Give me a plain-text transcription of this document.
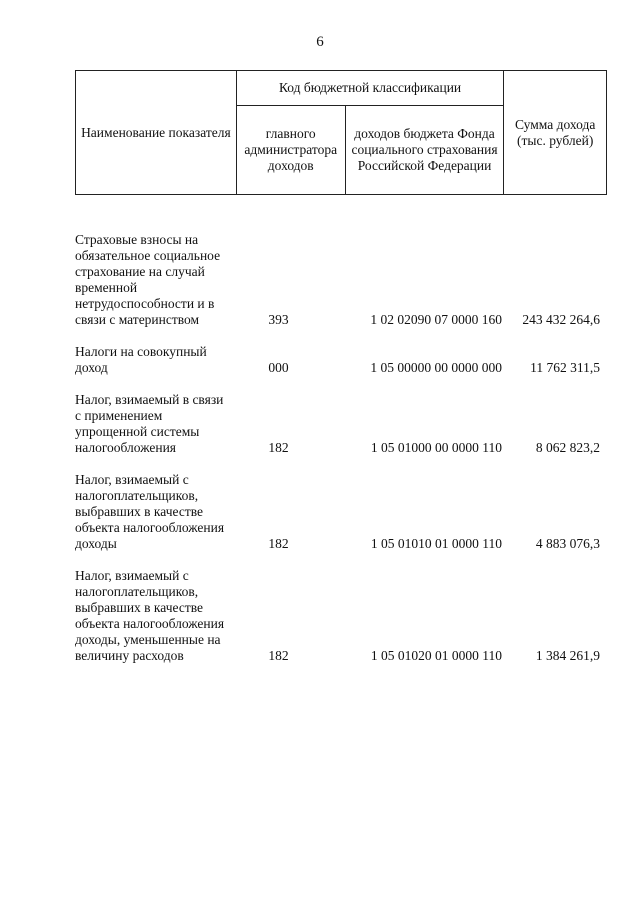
6
Наименование показателя	Код бюджетной классификации		Сумма дохода (тыс. рублей)
	главного администратора доходов	доходов бюджета Фонда социального страхования Российской Федерации	
Страховые взносы на обязательное социальное страхование на случай временной нетрудоспособности и в связи с материнством	393	1 02 02090 07 0000 160	243 432 264,6
Налоги на совокупный доход	000	1 05 00000 00 0000 000	11 762 311,5
Налог, взимаемый в связи с применением упрощенной системы налогообложения	182	1 05 01000 00 0000 110	8 062 823,2
Налог, взимаемый с налогоплательщиков, выбравших в качестве объекта налогообложения доходы	182	1 05 01010 01 0000 110	4 883 076,3
Налог, взимаемый с налогоплательщиков, выбравших в качестве объекта налогообложения доходы, уменьшенные на величину расходов	182	1 05 01020 01 0000 110	1 384 261,9
